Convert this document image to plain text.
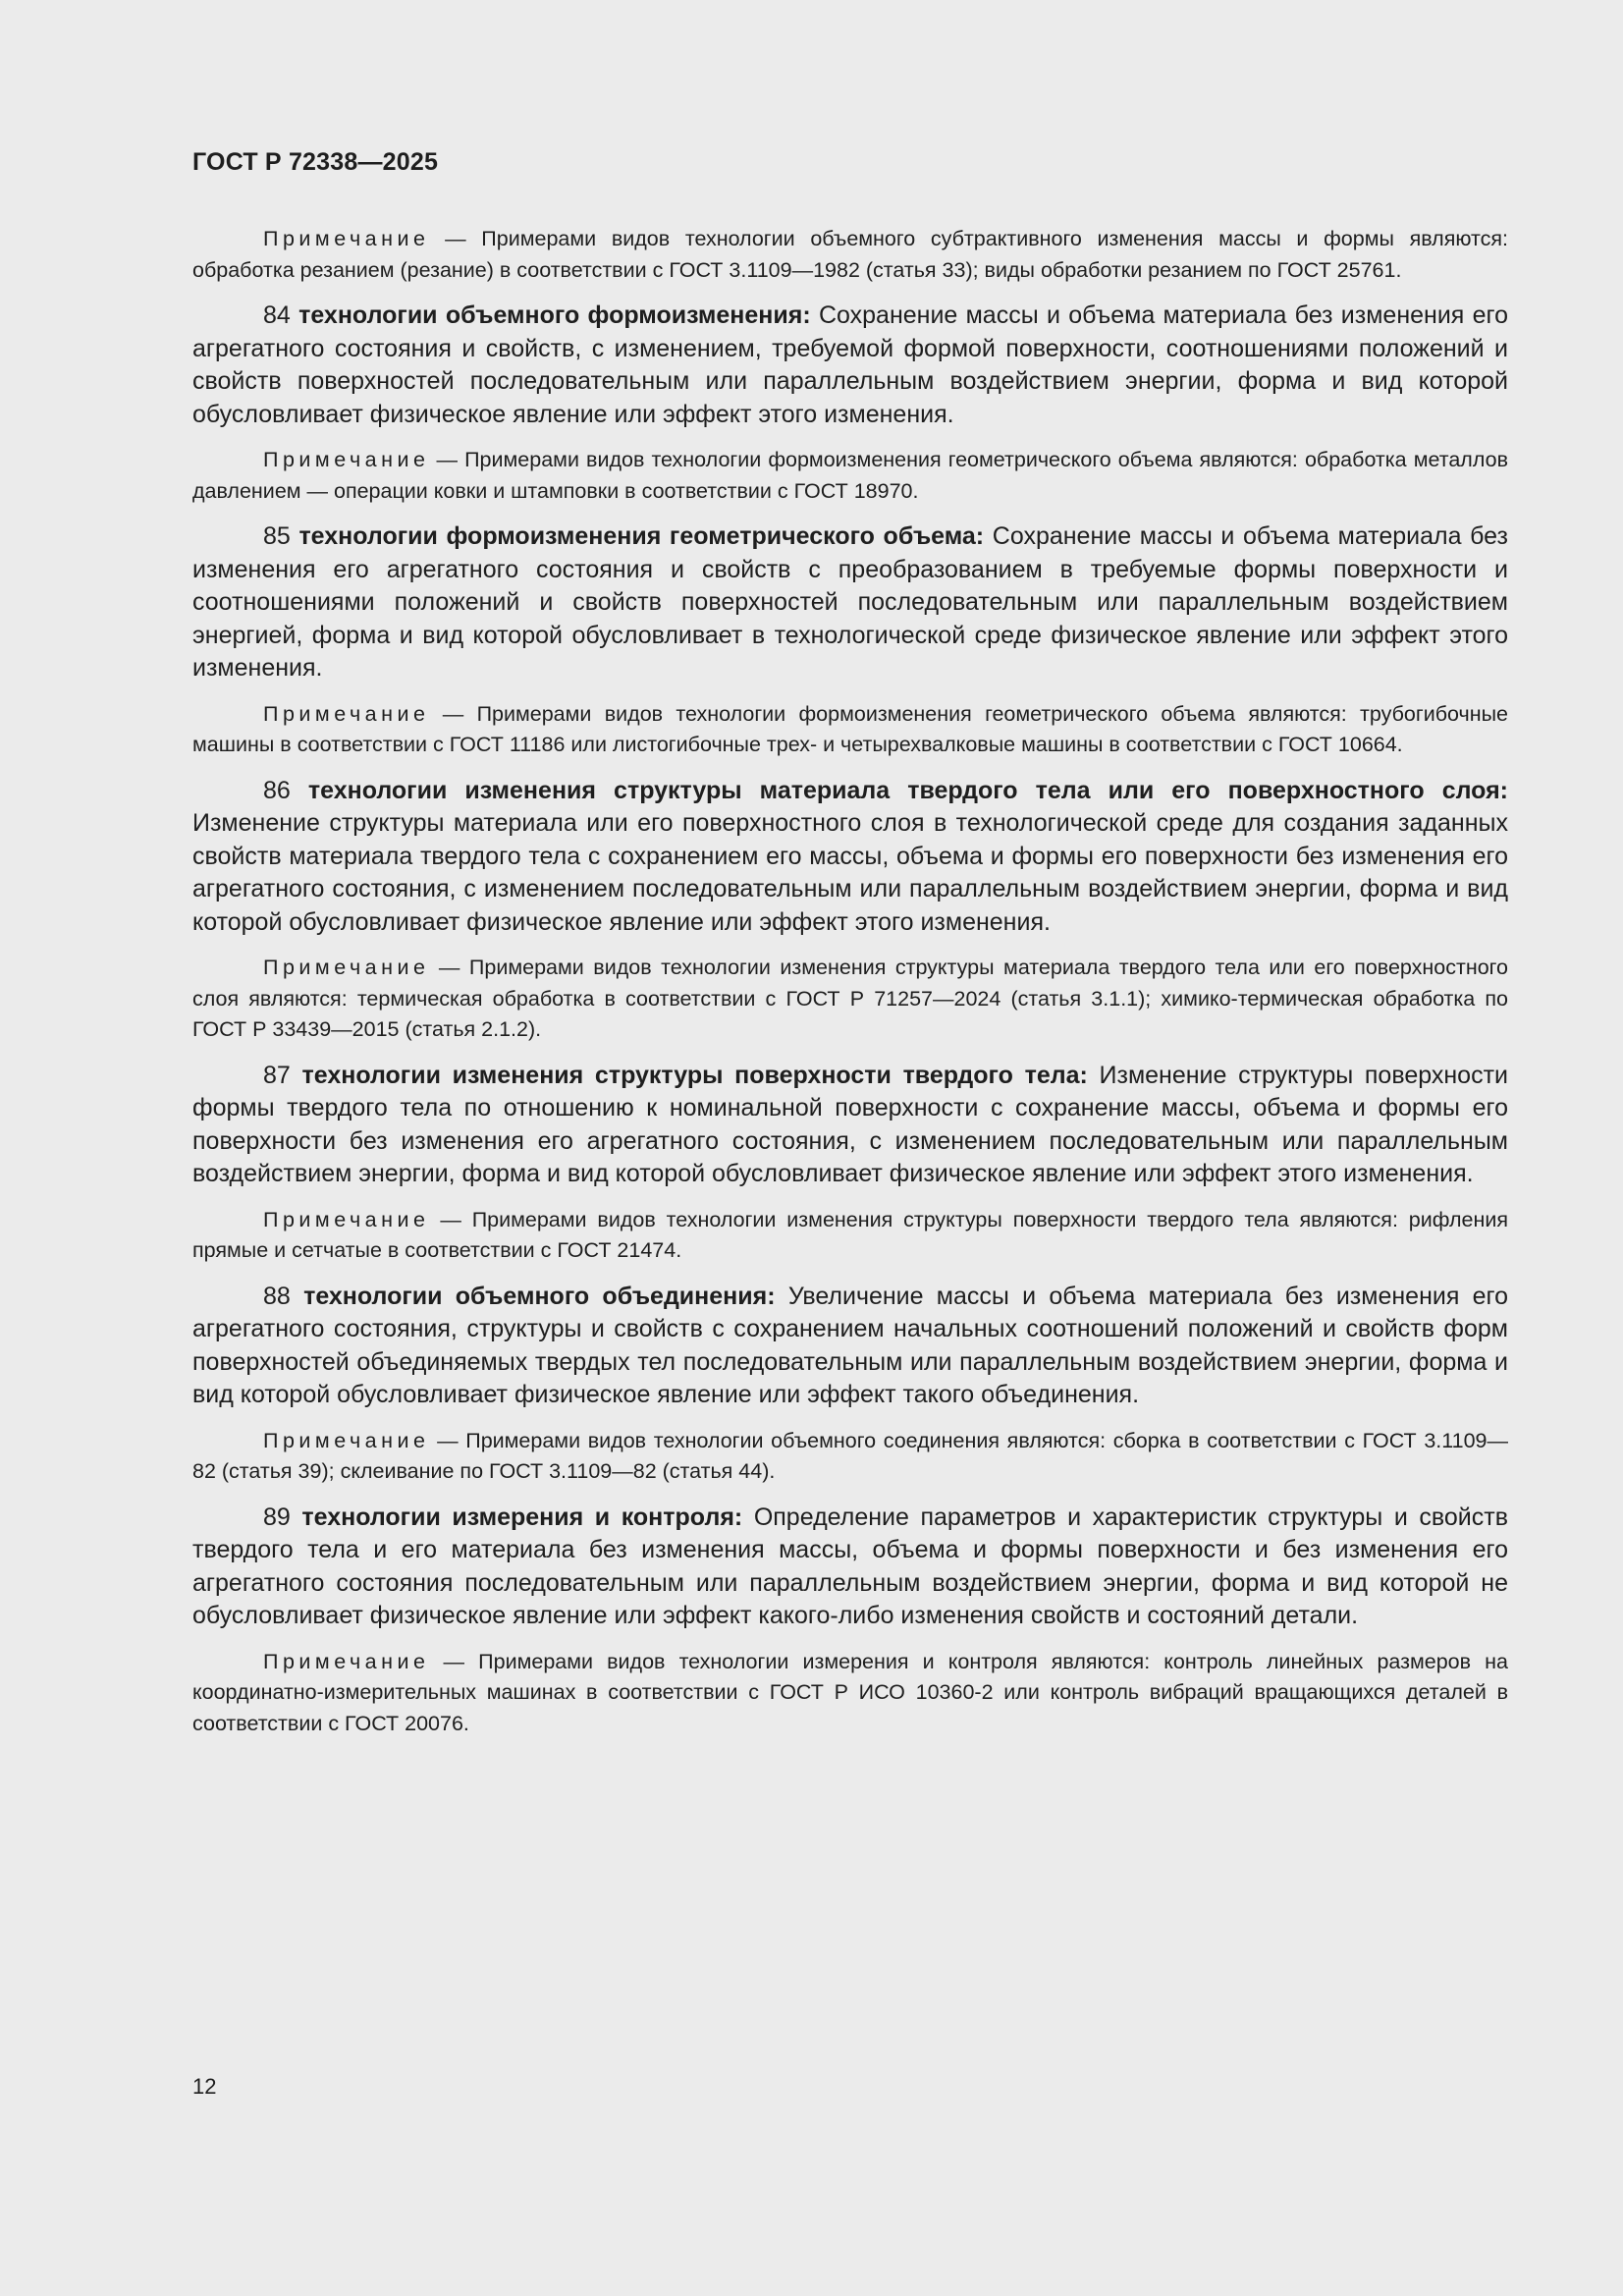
ГОСТ Р 72338—2025

Примечание — Примерами видов технологии объемного субтрактивного изменения массы и формы являются: обработка резанием (резание) в соответствии с ГОСТ 3.1109—1982 (статья 33); виды обработки резанием по ГОСТ 25761.

84 технологии объемного формоизменения: Сохранение массы и объема материала без изменения его агрегатного состояния и свойств, с изменением, требуемой формой поверхности, соотношениями положений и свойств поверхностей последовательным или параллельным воздействием энергии, форма и вид которой обусловливает физическое явление или эффект этого изменения.

Примечание — Примерами видов технологии формоизменения геометрического объема являются: обработка металлов давлением — операции ковки и штамповки в соответствии с ГОСТ 18970.

85 технологии формоизменения геометрического объема: Сохранение массы и объема материала без изменения его агрегатного состояния и свойств с преобразованием в требуемые формы поверхности и соотношениями положений и свойств поверхностей последовательным или параллельным воздействием энергией, форма и вид которой обусловливает в технологической среде физическое явление или эффект этого изменения.

Примечание — Примерами видов технологии формоизменения геометрического объема являются: трубогибочные машины в соответствии с ГОСТ 11186 или листогибочные трех- и четырехвалковые машины в соответствии с ГОСТ 10664.

86 технологии изменения структуры материала твердого тела или его поверхностного слоя: Изменение структуры материала или его поверхностного слоя в технологической среде для создания заданных свойств материала твердого тела с сохранением его массы, объема и формы его поверхности без изменения его агрегатного состояния, с изменением последовательным или параллельным воздействием энергии, форма и вид которой обусловливает физическое явление или эффект этого изменения.

Примечание — Примерами видов технологии изменения структуры материала твердого тела или его поверхностного слоя являются: термическая обработка в соответствии с ГОСТ Р 71257—2024 (статья 3.1.1); химико-термическая обработка по ГОСТ Р 33439—2015 (статья 2.1.2).

87 технологии изменения структуры поверхности твердого тела: Изменение структуры поверхности формы твердого тела по отношению к номинальной поверхности с сохранение массы, объема и формы его поверхности без изменения его агрегатного состояния, с изменением последовательным или параллельным воздействием энергии, форма и вид которой обусловливает физическое явление или эффект этого изменения.

Примечание — Примерами видов технологии изменения структуры поверхности твердого тела являются: рифления прямые и сетчатые в соответствии с ГОСТ 21474.

88 технологии объемного объединения: Увеличение массы и объема материала без изменения его агрегатного состояния, структуры и свойств с сохранением начальных соотношений положений и свойств форм поверхностей объединяемых твердых тел последовательным или параллельным воздействием энергии, форма и вид которой обусловливает физическое явление или эффект такого объединения.

Примечание — Примерами видов технологии объемного соединения являются: сборка в соответствии с ГОСТ 3.1109—82 (статья 39); склеивание по ГОСТ 3.1109—82 (статья 44).

89 технологии измерения и контроля: Определение параметров и характеристик структуры и свойств твердого тела и его материала без изменения массы, объема и формы поверхности и без изменения его агрегатного состояния последовательным или параллельным воздействием энергии, форма и вид которой не обусловливает физическое явление или эффект какого-либо изменения свойств и состояний детали.

Примечание — Примерами видов технологии измерения и контроля являются: контроль линейных размеров на координатно-измерительных машинах в соответствии с ГОСТ Р ИСО 10360-2 или контроль вибраций вращающихся деталей в соответствии с ГОСТ 20076.

12
